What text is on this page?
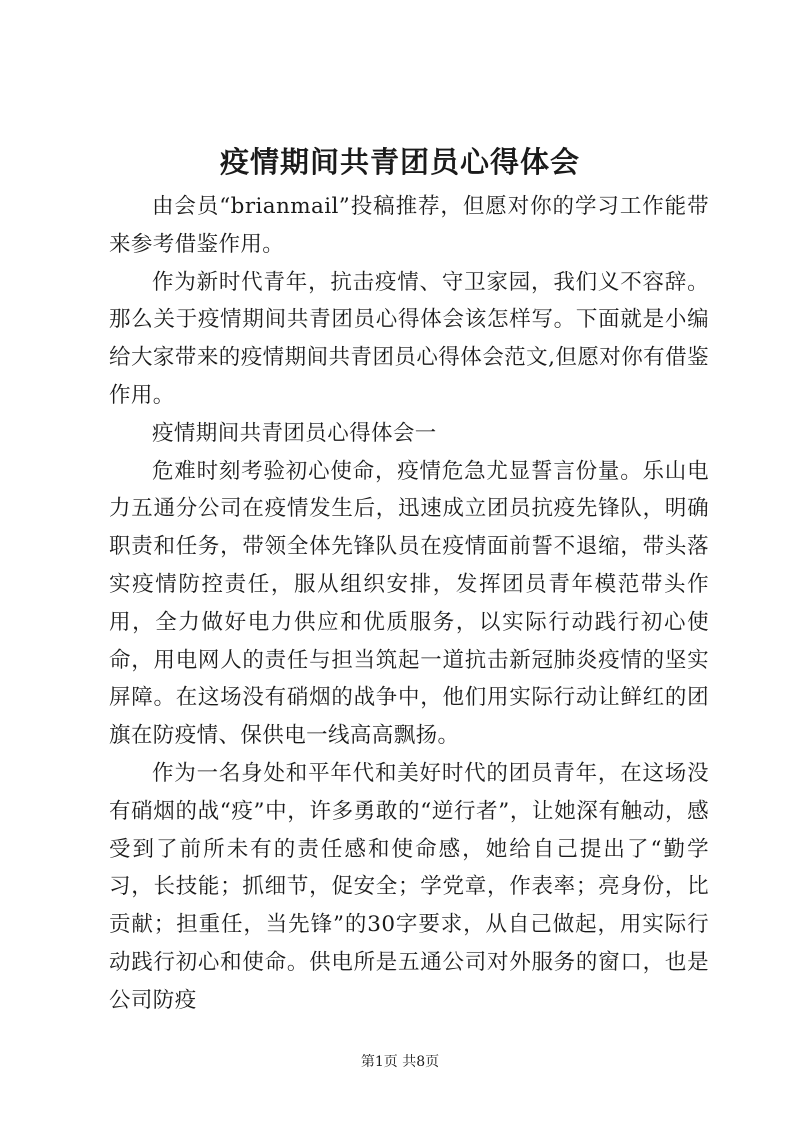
疫情期间共青团员心得体会

由会员“brianmail”投稿推荐，但愿对你的学习工作能带来参考借鉴作用。

作为新时代青年，抗击疫情、守卫家园，我们义不容辞。那么关于疫情期间共青团员心得体会该怎样写。下面就是小编给大家带来的疫情期间共青团员心得体会范文,但愿对你有借鉴作用。

疫情期间共青团员心得体会一

危难时刻考验初心使命，疫情危急尤显誓言份量。乐山电力五通分公司在疫情发生后，迅速成立团员抗疫先锋队，明确职责和任务，带领全体先锋队员在疫情面前誓不退缩，带头落实疫情防控责任，服从组织安排，发挥团员青年模范带头作用，全力做好电力供应和优质服务，以实际行动践行初心使命，用电网人的责任与担当筑起一道抗击新冠肺炎疫情的坚实屏障。在这场没有硝烟的战争中，他们用实际行动让鲜红的团旗在防疫情、保供电一线高高飘扬。

作为一名身处和平年代和美好时代的团员青年，在这场没有硝烟的战“疫”中，许多勇敢的“逆行者”，让她深有触动，感受到了前所未有的责任感和使命感，她给自己提出了“勤学习，长技能；抓细节，促安全；学党章，作表率；亮身份，比贡献；担重任，当先锋”的30字要求，从自己做起，用实际行动践行初心和使命。供电所是五通公司对外服务的窗口，也是公司防疫

第1页 共8页
